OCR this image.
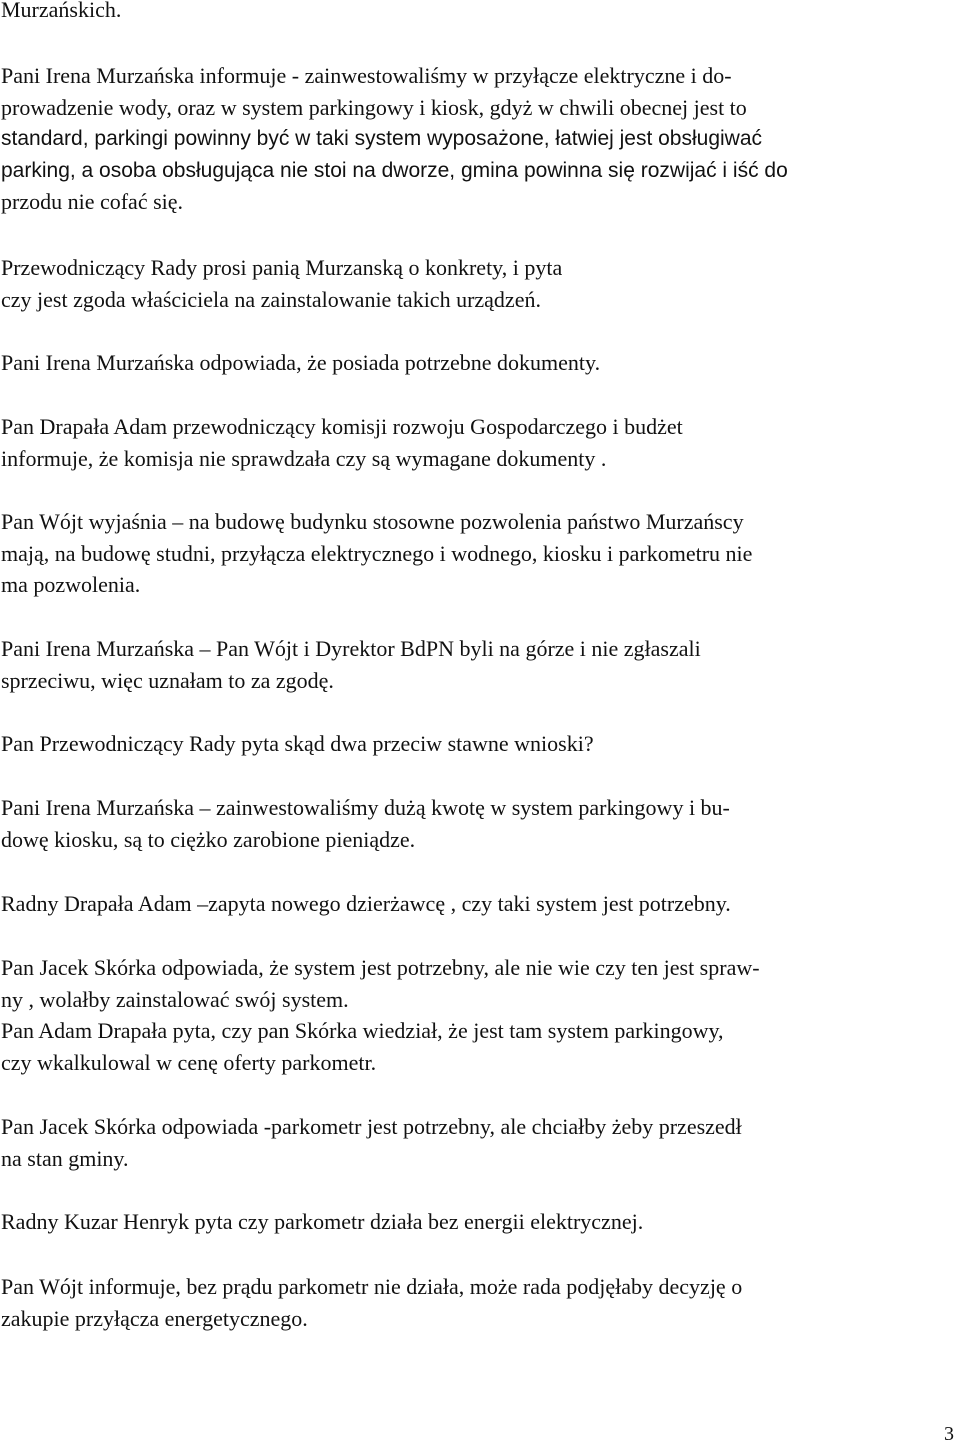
Murzańskich.

Pani Irena Murzańska informuje - zainwestowaliśmy w przyłącze elektryczne i do-
prowadzenie wody, oraz w system parkingowy i kiosk, gdyż w chwili obecnej jest to
standard, parkingi powinny być w taki system wyposażone, łatwiej jest obsługiwać
parking, a osoba obsługująca nie stoi na dworze, gmina powinna się rozwijać i iść do
przodu nie cofać się.

Przewodniczący Rady prosi panią Murzanską o konkrety, i pyta
czy jest zgoda właściciela na zainstalowanie takich urządzeń.

Pani Irena Murzańska odpowiada, że posiada potrzebne dokumenty.

Pan Drapała Adam przewodniczący komisji rozwoju Gospodarczego i budżet
informuje, że komisja nie sprawdzała czy są wymagane dokumenty .

Pan Wójt wyjaśnia – na budowę budynku stosowne pozwolenia państwo Murzańscy
mają, na budowę studni, przyłącza elektrycznego i wodnego, kiosku i parkometru nie
ma pozwolenia.

Pani Irena Murzańska – Pan Wójt i Dyrektor BdPN byli na górze i nie zgłaszali
sprzeciwu, więc uznałam to za zgodę.

Pan Przewodniczący Rady pyta skąd dwa przeciw stawne wnioski?

Pani Irena Murzańska – zainwestowaliśmy dużą kwotę w system parkingowy i bu-
dowę kiosku, są to ciężko zarobione pieniądze.

Radny Drapała Adam –zapyta nowego dzierżawcę , czy taki system jest potrzebny.

Pan Jacek Skórka odpowiada, że system jest potrzebny, ale nie wie czy ten jest spraw-
ny , wolałby zainstalować swój system.
Pan Adam Drapała pyta, czy pan Skórka wiedział, że jest tam system parkingowy,
czy wkalkulowal w cenę oferty parkometr.

Pan Jacek Skórka odpowiada -parkometr jest potrzebny, ale chciałby żeby przeszedł
na stan gminy.

Radny Kuzar Henryk pyta czy parkometr działa bez energii elektrycznej.

Pan Wójt informuje, bez prądu parkometr nie działa, może rada podjęłaby decyzję o
zakupie przyłącza energetycznego.

3
